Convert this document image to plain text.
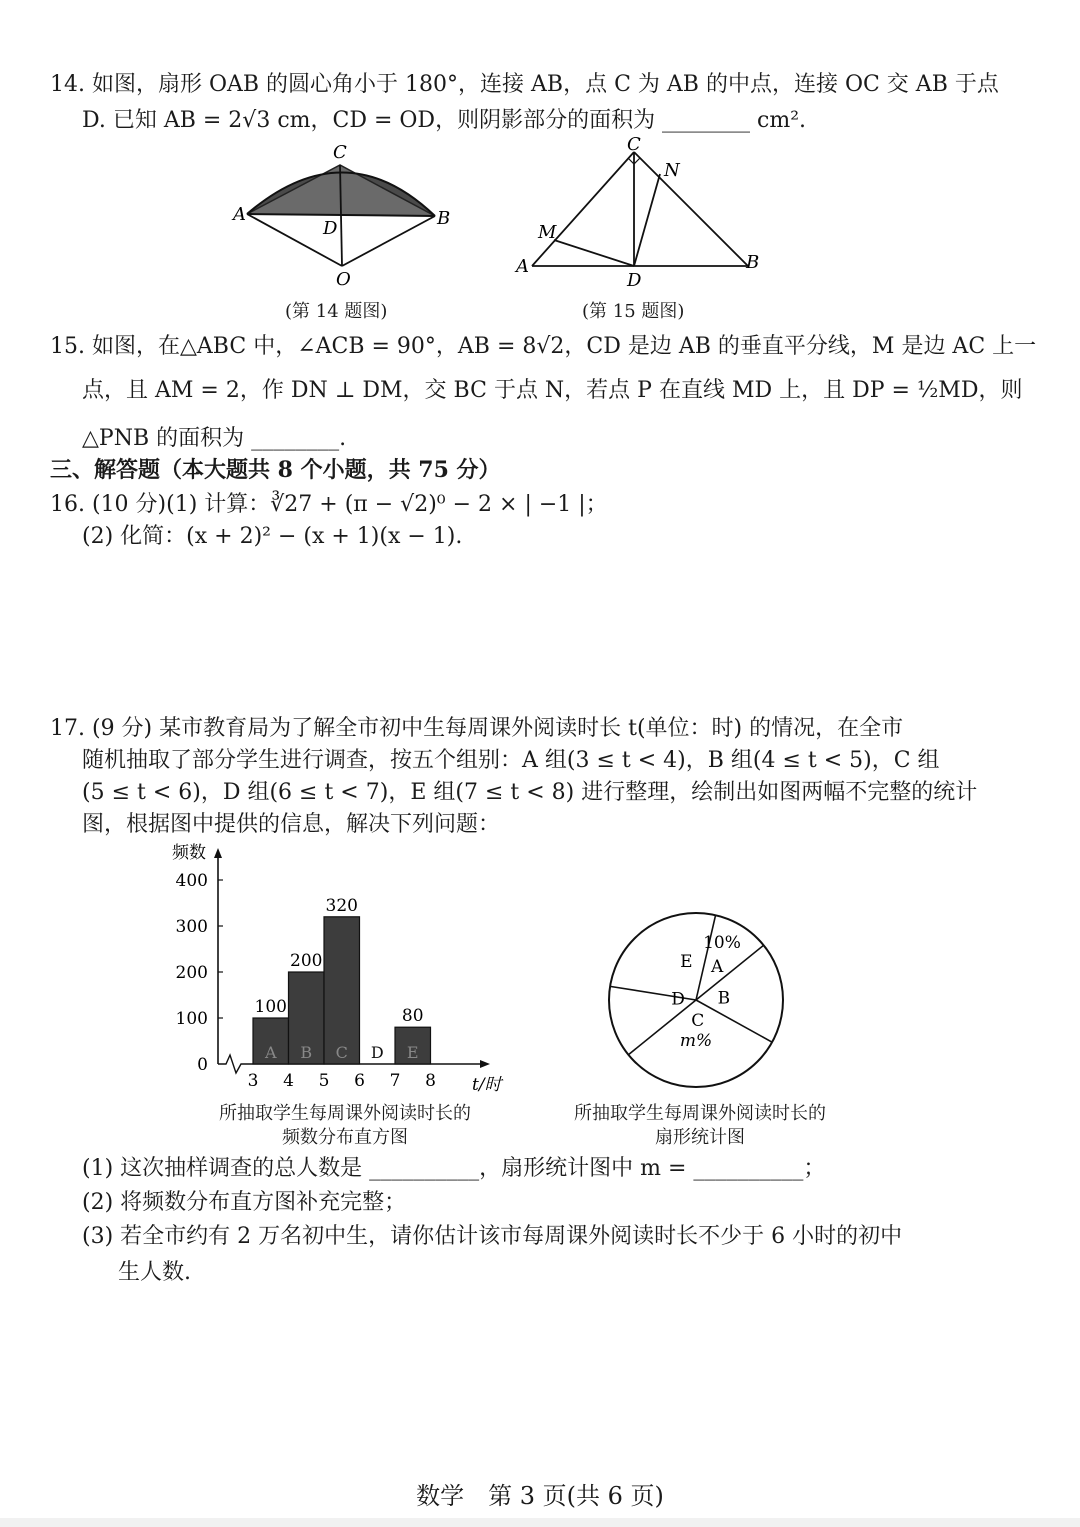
14. 如图，扇形 OAB 的圆心角小于 180°，连接 AB，点 C 为 AB 的中点，连接 OC 交 AB 于点
D. 已知 AB = 2√3 cm，CD = OD，则阴影部分的面积为 ________ cm².
C
A	B
D
O
(第 14 题图)
C
N
M
A
D
B
(第 15 题图)
15. 如图，在△ABC 中，∠ACB = 90°，AB = 8√2，CD 是边 AB 的垂直平分线，M 是边 AC 上一
点，且 AM = 2，作 DN ⊥ DM，交 BC 于点 N，若点 P 在直线 MD 上，且 DP = ½MD，则
△PNB 的面积为 ________.
三、解答题（本大题共 8 个小题，共 75 分）
16. (10 分)(1) 计算：∛27 + (π − √2)⁰ − 2 × | −1 |；
(2) 化简：(x + 2)² − (x + 1)(x − 1).
17. (9 分) 某市教育局为了解全市初中生每周课外阅读时长 t(单位：时) 的情况，在全市
随机抽取了部分学生进行调查，按五个组别：A 组(3 ≤ t < 4)，B 组(4 ≤ t < 5)，C 组
(5 ≤ t < 6)，D 组(6 ≤ t < 7)，E 组(7 ≤ t < 8) 进行整理，绘制出如图两幅不完整的统计
图，根据图中提供的信息，解决下列问题：
0
100
200
300
400
频数
3 4 5 6 7 8 t/时
100
A
200
B
320
C D
80
E
所抽取学生每周课外阅读时长的
频数分布直方图
A
B
C
D
E
10%
m%
所抽取学生每周课外阅读时长的
扇形统计图
(1) 这次抽样调查的总人数是 __________，扇形统计图中 m = __________；
(2) 将频数分布直方图补充完整；
(3) 若全市约有 2 万名初中生，请你估计该市每周课外阅读时长不少于 6 小时的初中
生人数.
数学　第 3 页(共 6 页)
